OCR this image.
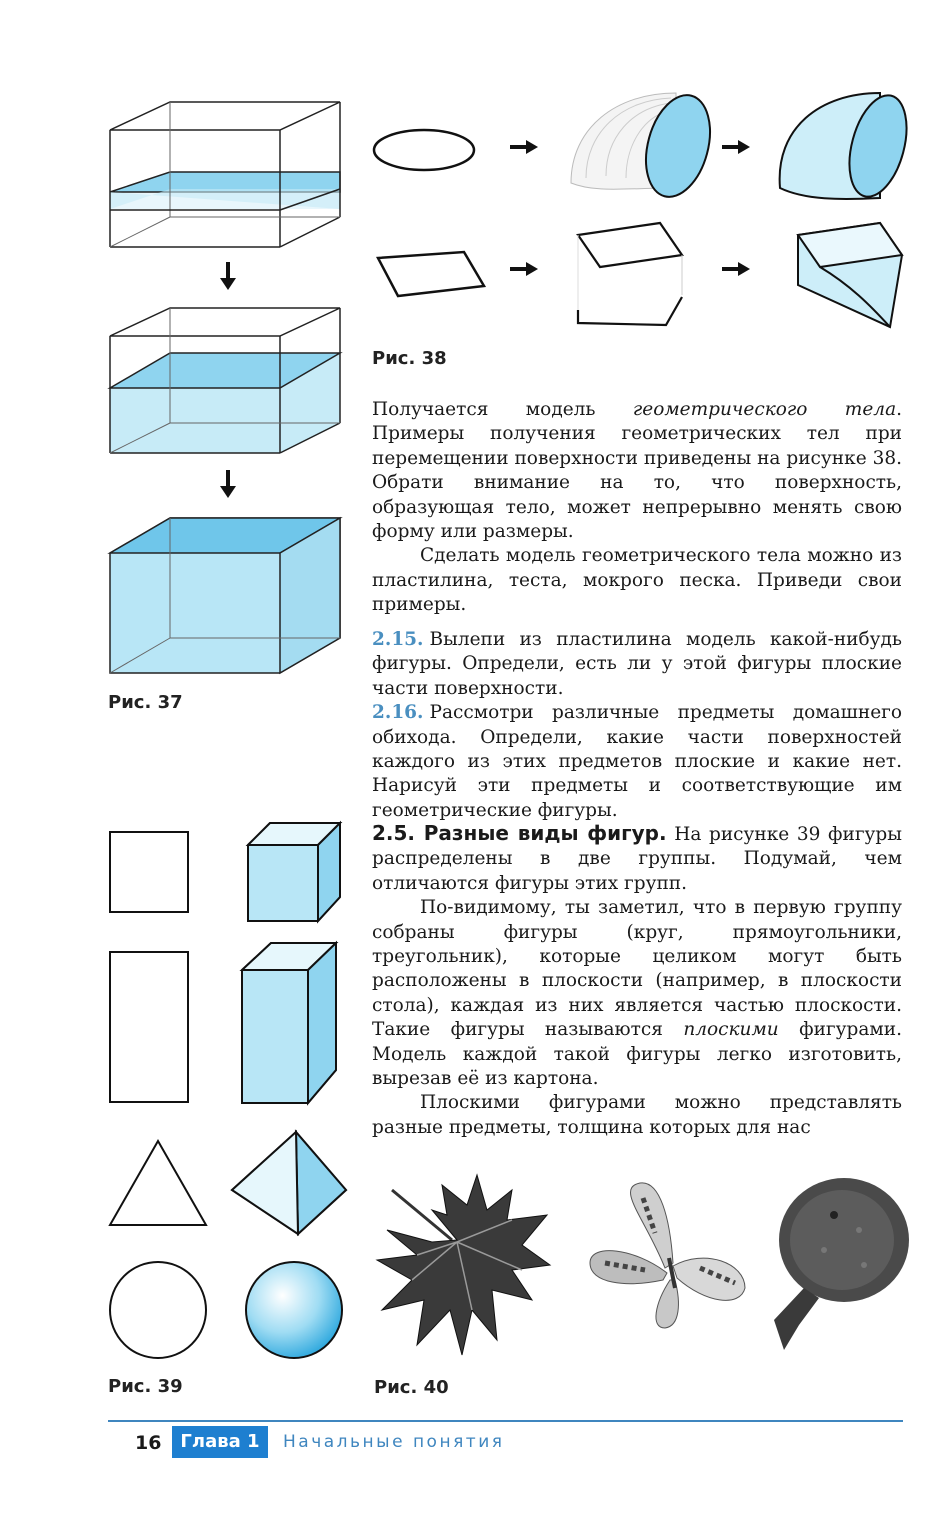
Рис. 37
Рис. 38

Получается модель геометрического тела. Примеры получения геометрических тел при перемещении поверхности приведены на рисунке 38. Обрати внимание на то, что поверхность, образующая тело, может непрерывно менять свою форму или размеры.

Сделать модель геометрического тела можно из пластилина, теста, мокрого песка. Приведи свои примеры.

2.15. Вылепи из пластилина модель какой-нибудь фигуры. Определи, есть ли у этой фигуры плоские части поверхности.

2.16. Рассмотри различные предметы домашнего обихода. Определи, какие части поверхностей каждого из этих предметов плоские и какие нет. Нарисуй эти предметы и соответствующие им геометрические фигуры.

2.5. Разные виды фигур. На рисунке 39 фигуры распределены в две группы. Подумай, чем отличаются фигуры этих групп.

По-видимому, ты заметил, что в первую группу собраны фигуры (круг, прямоугольники, треугольник), которые целиком могут быть расположены в плоскости (например, в плоскости стола), каждая из них является частью плоскости. Такие фигуры называются плоскими фигурами. Модель каждой такой фигуры легко изготовить, вырезав её из картона.

Плоскими фигурами можно представлять разные предметы, толщина которых для нас

Рис. 39	Рис. 40
16	Глава 1	Начальные понятия
